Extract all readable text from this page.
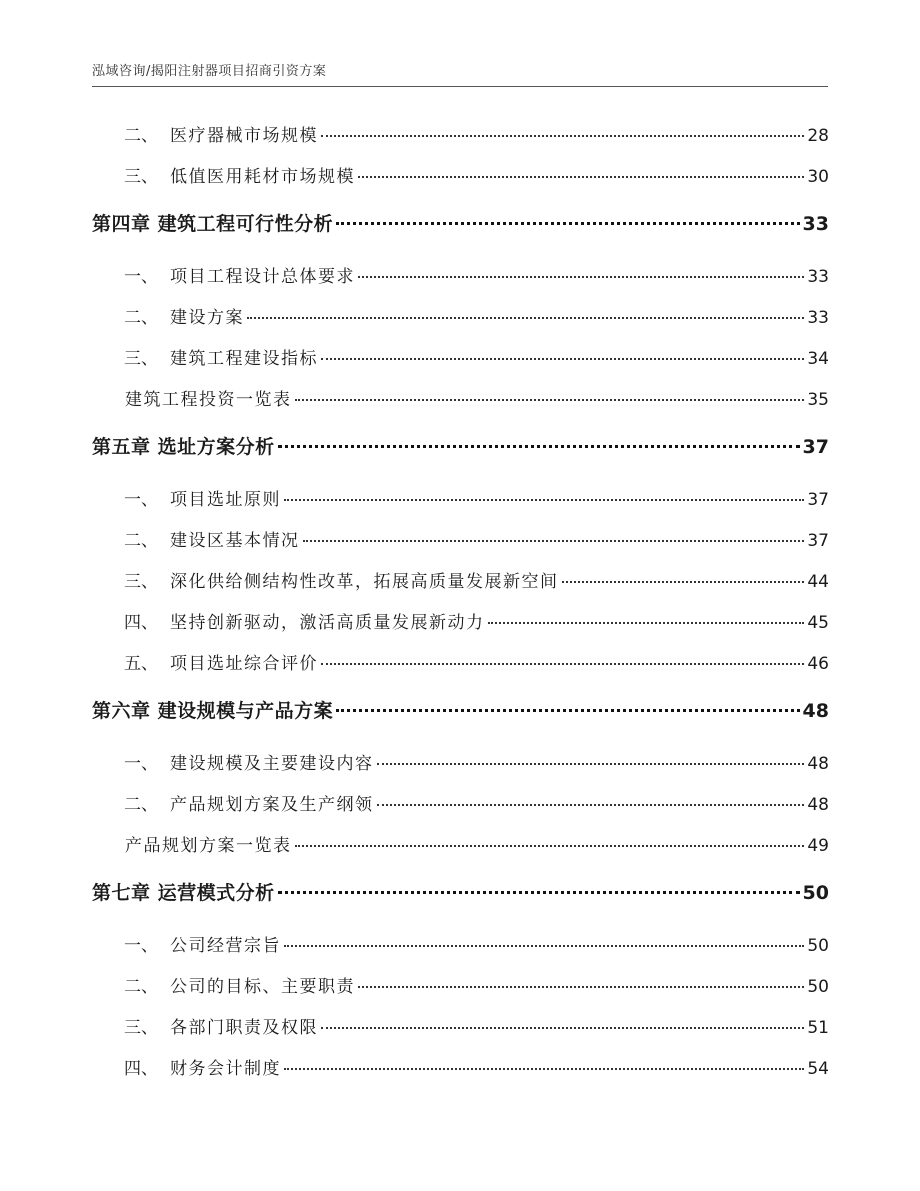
泓域咨询/揭阳注射器项目招商引资方案
二、 医疗器械市场规模	28
三、 低值医用耗材市场规模	30
第四章 建筑工程可行性分析	33
一、 项目工程设计总体要求	33
二、 建设方案	33
三、 建筑工程建设指标	34
建筑工程投资一览表	35
第五章 选址方案分析	37
一、 项目选址原则	37
二、 建设区基本情况	37
三、 深化供给侧结构性改革，拓展高质量发展新空间	44
四、 坚持创新驱动，激活高质量发展新动力	45
五、 项目选址综合评价	46
第六章 建设规模与产品方案	48
一、 建设规模及主要建设内容	48
二、 产品规划方案及生产纲领	48
产品规划方案一览表	49
第七章 运营模式分析	50
一、 公司经营宗旨	50
二、 公司的目标、主要职责	50
三、 各部门职责及权限	51
四、 财务会计制度	54
